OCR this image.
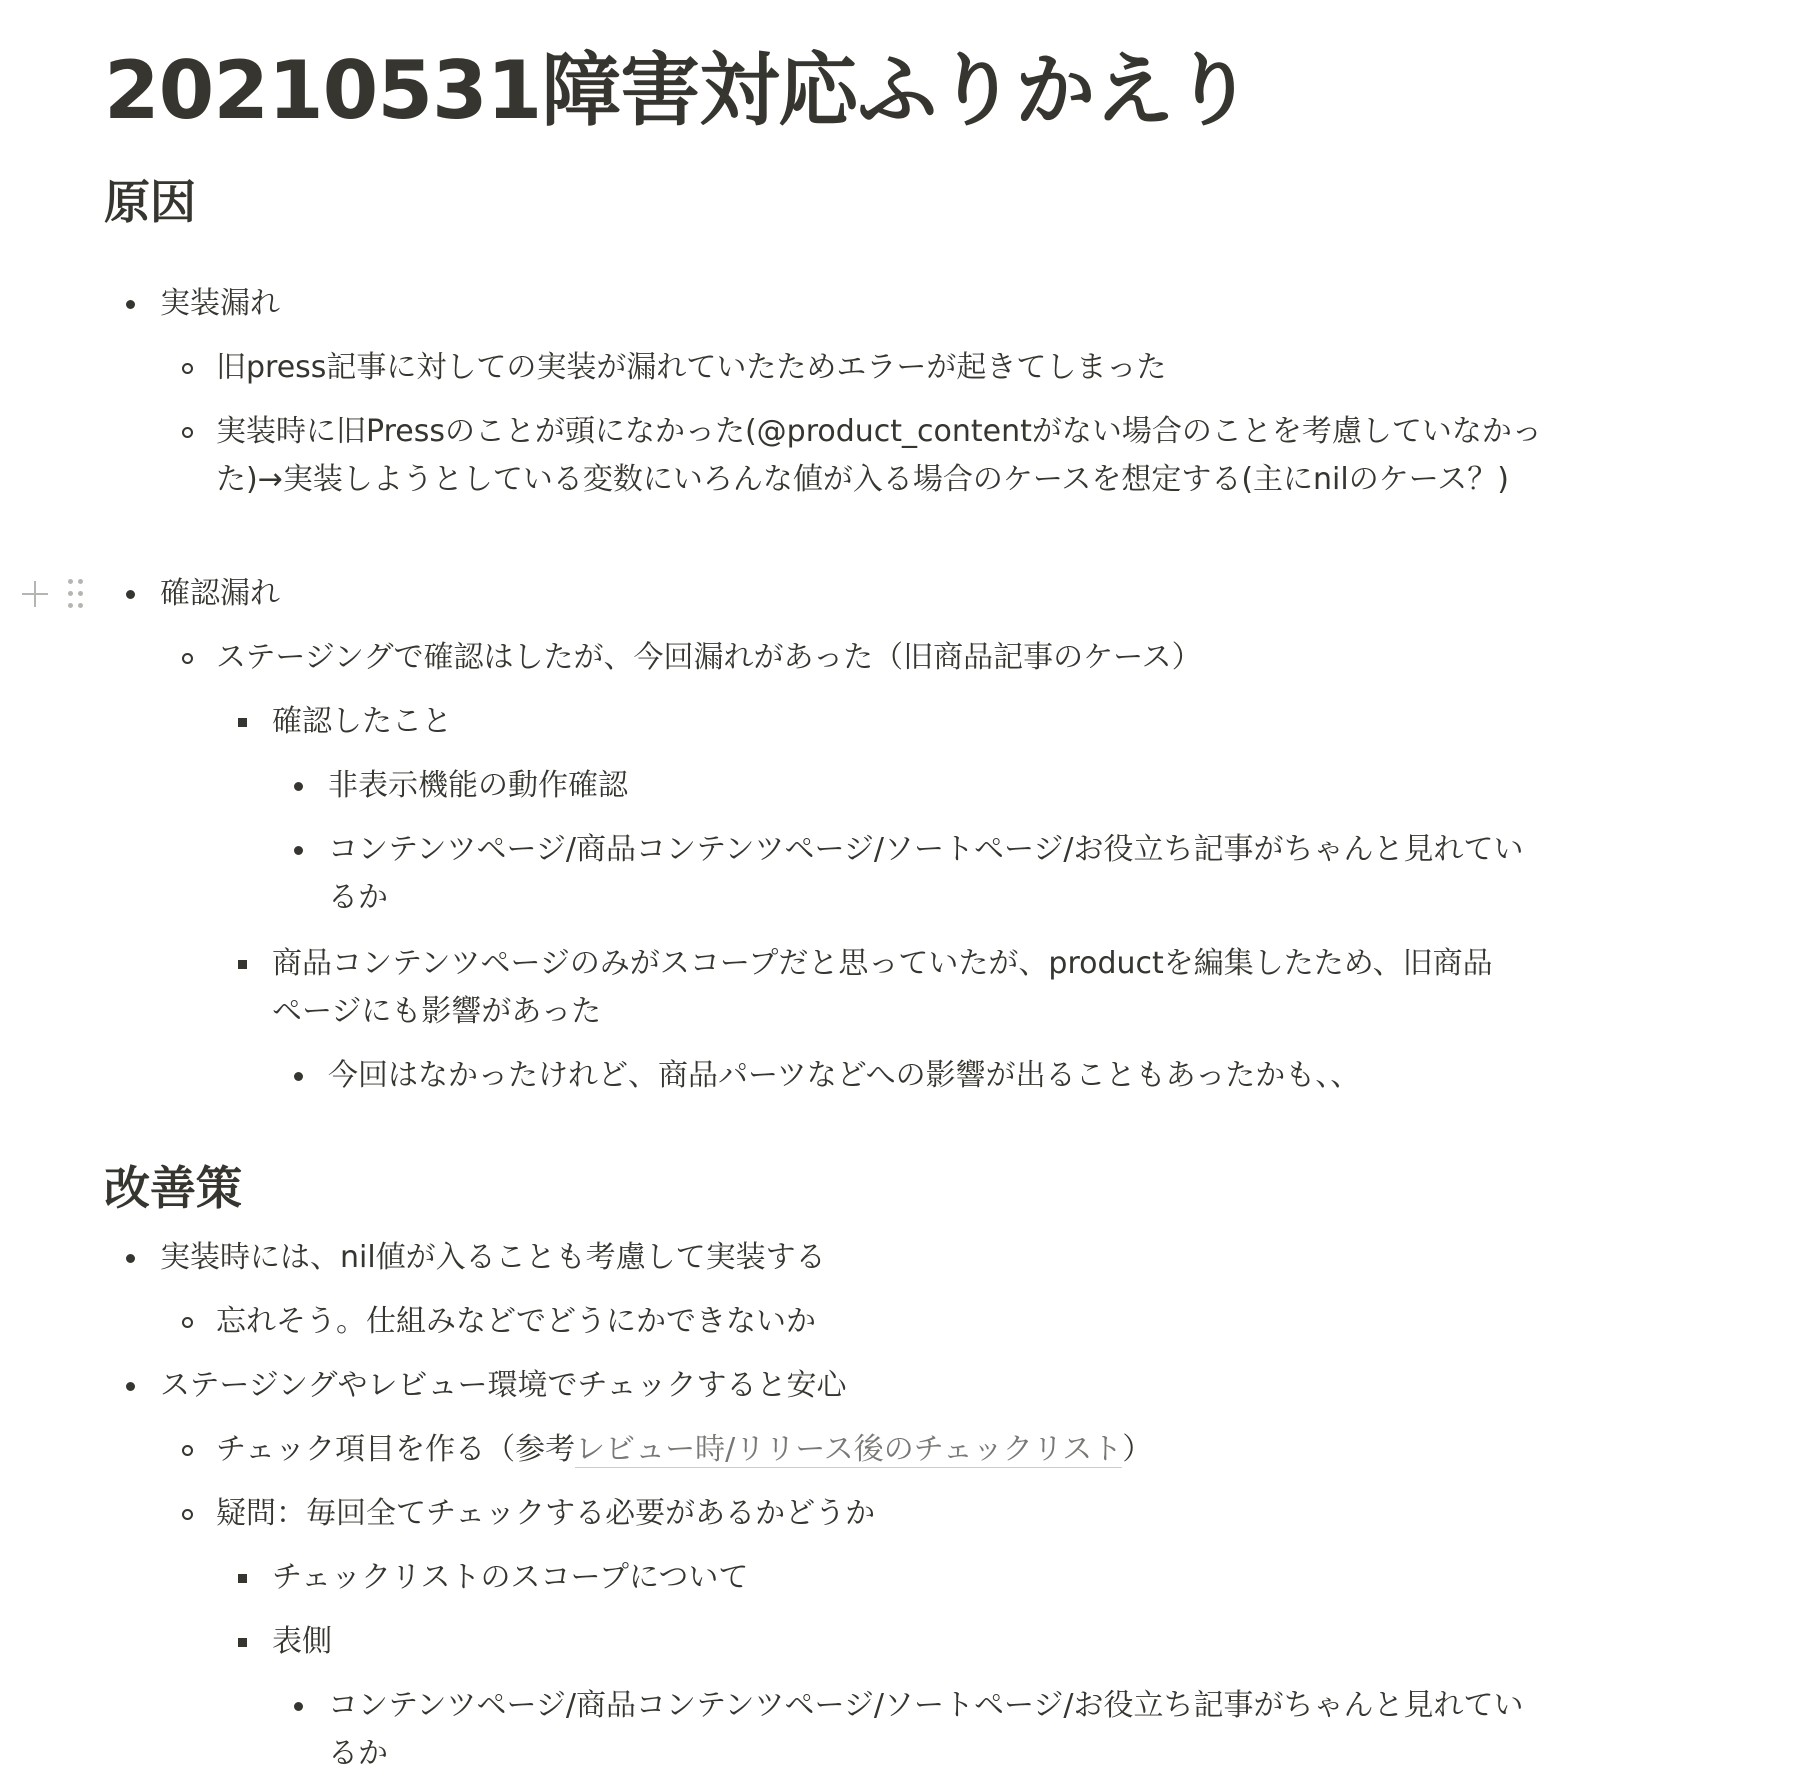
20210531障害対応ふりかえり
原因
実装漏れ
旧press記事に対しての実装が漏れていたためエラーが起きてしまった
実装時に旧Pressのことが頭になかった(@product_contentがない場合のことを考慮していなかった)→実装しようとしている変数にいろんな値が入る場合のケースを想定する(主にnilのケース？)
確認漏れ
ステージングで確認はしたが、今回漏れがあった（旧商品記事のケース）
確認したこと
非表示機能の動作確認
コンテンツページ/商品コンテンツページ/ソートページ/お役立ち記事がちゃんと見れているか
商品コンテンツページのみがスコープだと思っていたが、productを編集したため、旧商品ページにも影響があった
今回はなかったけれど、商品パーツなどへの影響が出ることもあったかも、、
改善策
実装時には、nil値が入ることも考慮して実装する
忘れそう。仕組みなどでどうにかできないか
ステージングやレビュー環境でチェックすると安心
チェック項目を作る（参考レビュー時/リリース後のチェックリスト）
疑問：毎回全てチェックする必要があるかどうか
チェックリストのスコープについて
表側
コンテンツページ/商品コンテンツページ/ソートページ/お役立ち記事がちゃんと見れているか
